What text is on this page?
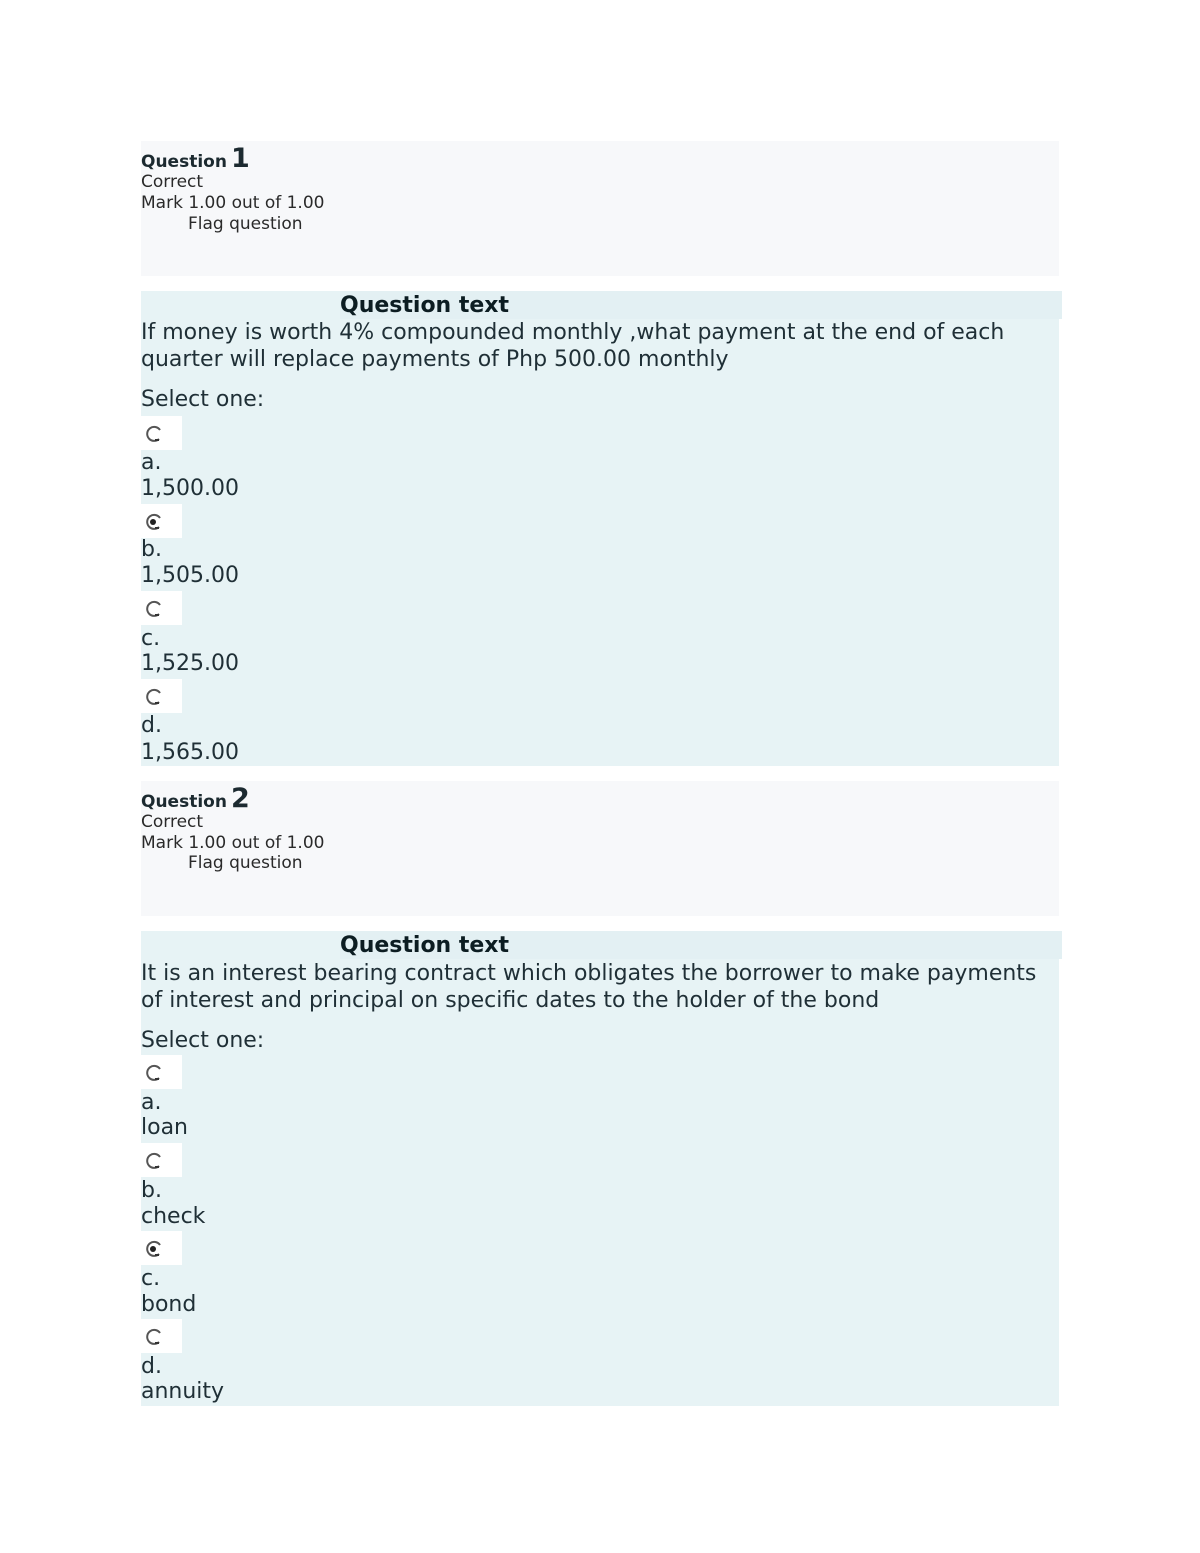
Question 1
Correct
Mark 1.00 out of 1.00
Flag question
Question text
If money is worth 4% compounded monthly ,what payment at the end of each quarter will replace payments of Php 500.00 monthly
Select one:
a.
1,500.00
b.
1,505.00
c.
1,525.00
d.
1,565.00
Question 2
Correct
Mark 1.00 out of 1.00
Flag question
Question text
It is an interest bearing contract which obligates the borrower to make payments of interest and principal on specific dates to the holder of the bond
Select one:
a.
loan
b.
check
c.
bond
d.
annuity
